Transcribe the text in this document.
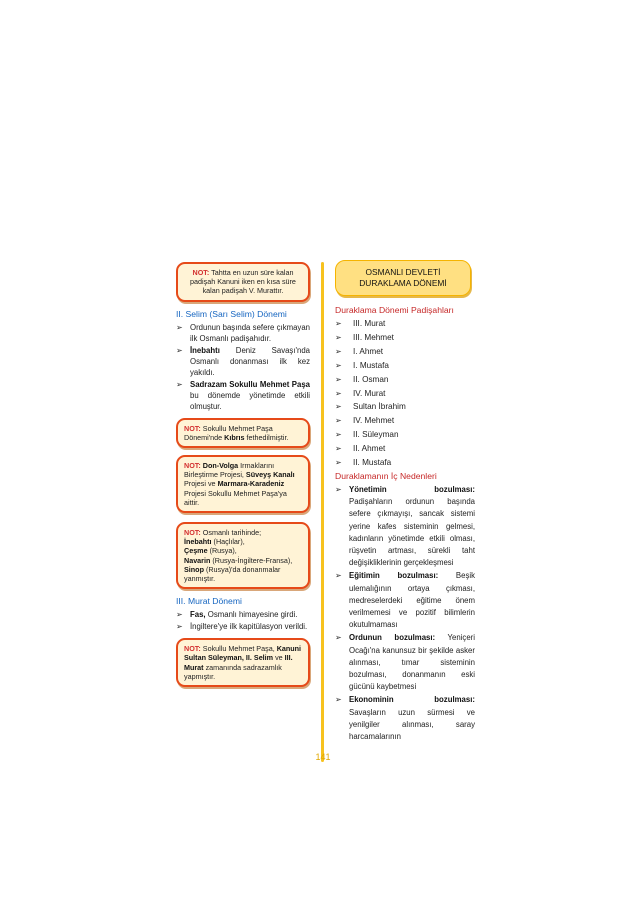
NOT: Tahtta en uzun süre kalan padişah Kanuni iken en kısa süre kalan padişah V. Murattır.
II. Selim (Sarı Selim) Dönemi
➢ Ordunun başında sefere çıkmayan ilk Osmanlı padişahıdır.
➢ İnebahtı Deniz Savaşı'nda Osmanlı donanması ilk kez yakıldı.
➢ Sadrazam Sokullu Mehmet Paşa bu dönemde yönetimde etkili olmuştur.
NOT: Sokullu Mehmet Paşa Dönemi'nde Kıbrıs fethedilmiştir.
NOT: Don-Volga Irmaklarını Birleştirme Projesi, Süveyş Kanalı Projesi ve Marmara-Karadeniz Projesi Sokullu Mehmet Paşa'ya aittir.
NOT: Osmanlı tarihinde;
İnebahtı (Haçlılar),
Çeşme (Rusya),
Navarin (Rusya-İngiltere-Fransa),
Sinop (Rusya)'da donanmalar yanmıştır.
III. Murat Dönemi
➢ Fas, Osmanlı himayesine girdi.
➢ İngiltere'ye ilk kapitülasyon verildi.
NOT: Sokullu Mehmet Paşa, Kanuni Sultan Süleyman, II. Selim ve III. Murat zamanında sadrazamlık yapmıştır.
OSMANLI DEVLETİ
DURAKLAMA DÖNEMİ
Duraklama Dönemi Padişahları
➢ III. Murat
➢ III. Mehmet
➢ I. Ahmet
➢ I. Mustafa
➢ II. Osman
➢ IV. Murat
➢ Sultan İbrahim
➢ IV. Mehmet
➢ II. Süleyman
➢ II. Ahmet
➢ II. Mustafa
Duraklamanın İç Nedenleri
➢ Yönetimin bozulması: Padişahların ordunun başında sefere çıkmayışı, sancak sistemi yerine kafes sisteminin gelmesi, kadınların yönetimde etkili olması, rüşvetin artması, sürekli taht değişikliklerinin gerçekleşmesi
➢ Eğitimin bozulması: Beşik ulemalığının ortaya çıkması, medreselerdeki eğitime önem verilmemesi ve pozitif bilimlerin okutulmaması
➢ Ordunun bozulması: Yeniçeri Ocağı'na kanunsuz bir şekilde asker alınması, tımar sisteminin bozulması, donanmanın eski gücünü kaybetmesi
➢ Ekonominin bozulması: Savaşların uzun sürmesi ve yenilgiler alınması, saray harcamalarının
141
